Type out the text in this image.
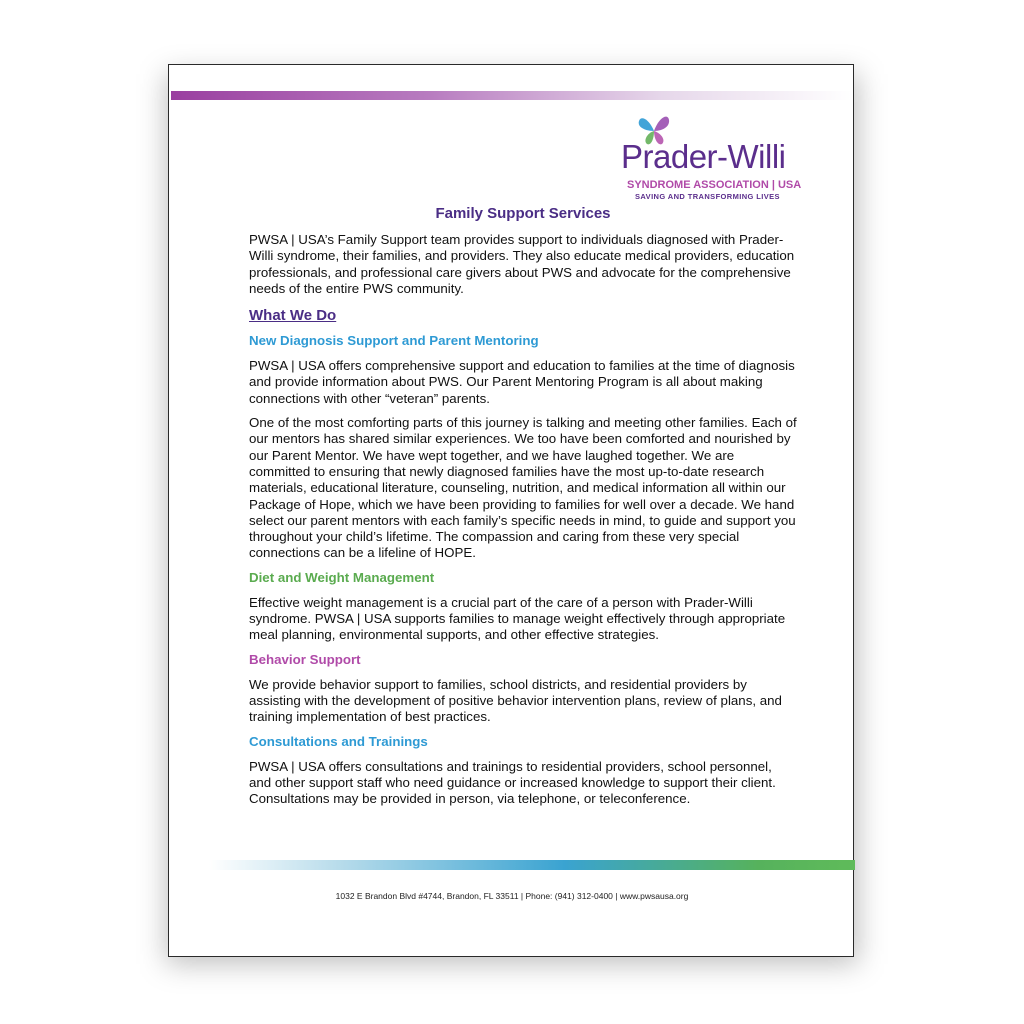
Prader-Willi
SYNDROME ASSOCIATION | USA
SAVING AND TRANSFORMING LIVES
Family Support Services

PWSA | USA’s Family Support team provides support to individuals diagnosed with Prader-Willi syndrome, their families, and providers. They also educate medical providers, education professionals, and professional care givers about PWS and advocate for the comprehensive needs of the entire PWS community.

What We Do
New Diagnosis Support and Parent Mentoring

PWSA | USA offers comprehensive support and education to families at the time of diagnosis and provide information about PWS. Our Parent Mentoring Program is all about making connections with other “veteran” parents.

One of the most comforting parts of this journey is talking and meeting other families. Each of our mentors has shared similar experiences. We too have been comforted and nourished by our Parent Mentor. We have wept together, and we have laughed together. We are committed to ensuring that newly diagnosed families have the most up-to-date research materials, educational literature, counseling, nutrition, and medical information all within our Package of Hope, which we have been providing to families for well over a decade. We hand select our parent mentors with each family’s specific needs in mind, to guide and support you throughout your child’s lifetime. The compassion and caring from these very special connections can be a lifeline of HOPE.

Diet and Weight Management

Effective weight management is a crucial part of the care of a person with Prader-Willi syndrome. PWSA | USA supports families to manage weight effectively through appropriate meal planning, environmental supports, and other effective strategies.

Behavior Support

We provide behavior support to families, school districts, and residential providers by assisting with the development of positive behavior intervention plans, review of plans, and training implementation of best practices.

Consultations and Trainings

PWSA | USA offers consultations and trainings to residential providers, school personnel, and other support staff who need guidance or increased knowledge to support their client. Consultations may be provided in person, via telephone, or teleconference.

1032 E Brandon Blvd #4744, Brandon, FL 33511 | Phone: (941) 312-0400 | www.pwsausa.org
